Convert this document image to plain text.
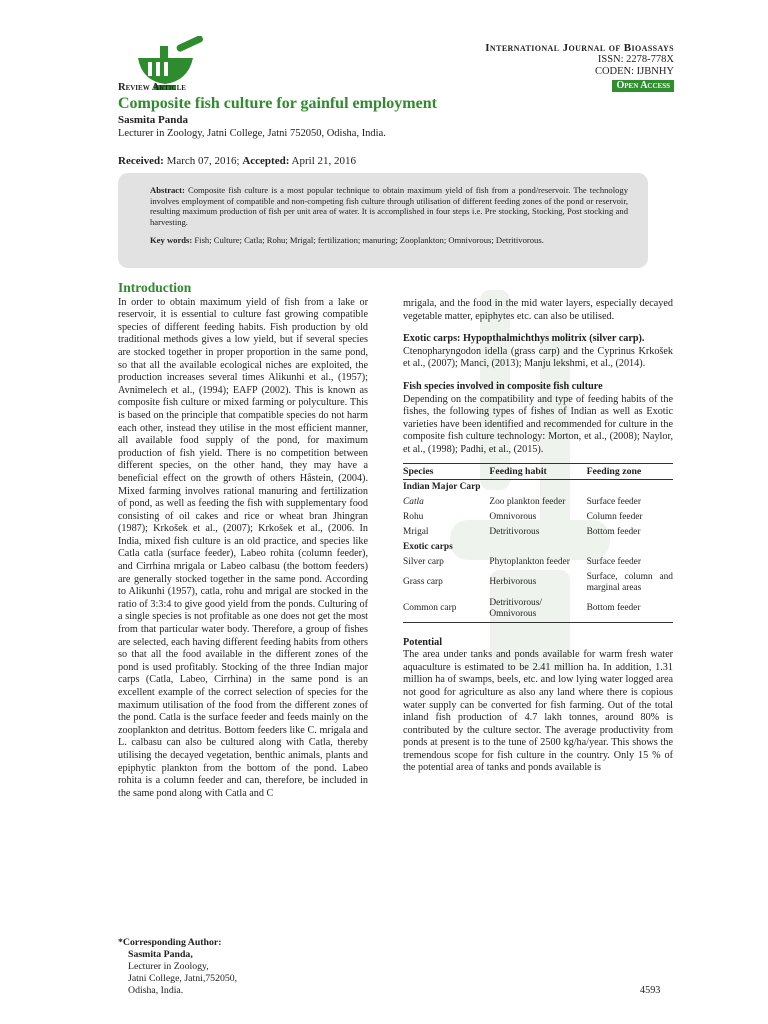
International Journal of Bioassays
ISSN: 2278-778X
CODEN: IJBNHY
Open Access
Review Article
Composite fish culture for gainful employment
Sasmita Panda
Lecturer in Zoology, Jatni College, Jatni 752050, Odisha, India.
Received: March 07, 2016; Accepted: April 21, 2016

Abstract: Composite fish culture is a most popular technique to obtain maximum yield of fish from a pond/reservoir. The technology involves employment of compatible and non-competing fish culture through utilisation of different feeding zones of the pond or reservoir, resulting maximum production of fish per unit area of water. It is accomplished in four steps i.e. Pre stocking, Stocking, Post stocking and harvesting.

Key words: Fish; Culture; Catla; Rohu; Mrigal; fertilization; manuring; Zooplankton; Omnivorous; Detritivorous.

Introduction
In order to obtain maximum yield of fish from a lake or reservoir, it is essential to culture fast growing compatible species of different feeding habits. Fish production by old traditional methods gives a low yield, but if several species are stocked together in proper proportion in the same pond, so that all the available ecological niches are exploited, the production increases several times Alikunhi et al., (1957); Avnimelech et al., (1994); EAFP (2002). This is known as composite fish culture or mixed farming or polyculture. This is based on the principle that compatible species do not harm each other, instead they utilise in the most efficient manner, all available food supply of the pond, for maximum production of fish yield. There is no competition between different species, on the other hand, they may have a beneficial effect on the growth of others Håstein, (2004). Mixed farming involves rational manuring and fertilization of pond, as well as feeding the fish with supplementary food consisting of oil cakes and rice or wheat bran Jhingran (1987); Krkošek et al., (2007); Krkošek et al., (2006. In India, mixed fish culture is an old practice, and species like Catla catla (surface feeder), Labeo rohita (column feeder), and Cirrhina mrigala or Labeo calbasu (the bottom feeders) are generally stocked together in the same pond. According to Alikunhi (1957), catla, rohu and mrigal are stocked in the ratio of 3:3:4 to give good yield from the ponds. Culturing of a single species is not profitable as one does not get the most from that particular water body. Therefore, a group of fishes are selected, each having different feeding habits from others so that all the food available in the different zones of the pond is used profitably. Stocking of the three Indian major carps (Catla, Labeo, Cirrhina) in the same pond is an excellent example of the correct selection of species for the maximum utilisation of the food from the different zones of the pond. Catla is the surface feeder and feeds mainly on the zooplankton and detritus. Bottom feeders like C. mrigala and L. calbasu can also be cultured along with Catla, thereby utilising the decayed vegetation, benthic animals, plants and epiphytic plankton from the bottom of the pond. Labeo rohita is a column feeder and can, therefore, be included in the same pond along with Catla and C

mrigala, and the food in the mid water layers, especially decayed vegetable matter, epiphytes etc. can also be utilised.

Exotic carps: Hypopthalmichthys molitrix (silver carp).

Ctenopharyngodon idella (grass carp) and the Cyprinus Krkošek et al., (2007); Manci, (2013); Manju lekshmi, et al., (2014).

Fish species involved in composite fish culture

Depending on the compatibility and type of feeding habits of the fishes, the following types of fishes of Indian as well as Exotic varieties have been identified and recommended for culture in the composite fish culture technology: Morton, et al., (2008); Naylor, et al., (1998); Padhi, et al., (2015).

Species	Feeding habit	Feeding zone
Indian Major Carp		
Catla	Zoo plankton feeder	Surface feeder
Rohu	Omnivorous	Column feeder
Mrigal	Detritivorous	Bottom feeder
Exotic carps		
Silver carp	Phytoplankton feeder	Surface feeder
Grass carp	Herbivorous	Surface, column and marginal areas
Common carp	Detritivorous/ Omnivorous	Bottom feeder
Potential

The area under tanks and ponds available for warm fresh water aquaculture is estimated to be 2.41 million ha. In addition, 1.31 million ha of swamps, beels, etc. and low lying water logged area not good for agriculture as also any land where there is copious water supply can be converted for fish farming. Out of the total inland fish production of 4.7 lakh tonnes, around 80% is contributed by the culture sector. The average productivity from ponds at present is to the tune of 2500 kg/ha/year. This shows the tremendous scope for fish culture in the country. Only 15 % of the potential area of tanks and ponds available is

*Corresponding Author:
Sasmita Panda,
Lecturer in Zoology,
Jatni College, Jatni,752050,
Odisha, India.	4593
